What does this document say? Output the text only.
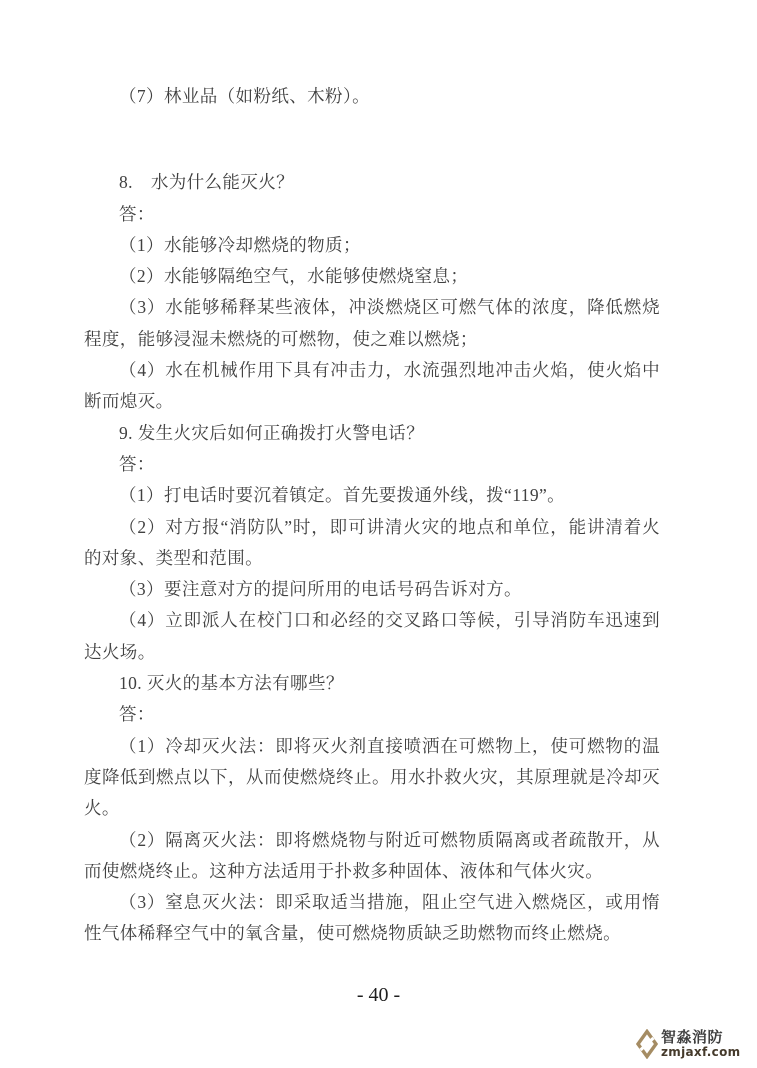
（7）林业品（如粉纸、木粉）。

8.　水为什么能灭火？

答：

（1）水能够冷却燃烧的物质；

（2）水能够隔绝空气，水能够使燃烧窒息；

（3）水能够稀释某些液体，冲淡燃烧区可燃气体的浓度，降低燃烧程度，能够浸湿未燃烧的可燃物，使之难以燃烧；

（4）水在机械作用下具有冲击力，水流强烈地冲击火焰，使火焰中断而熄灭。

9. 发生火灾后如何正确拨打火警电话？

答：

（1）打电话时要沉着镇定。首先要拨通外线，拨“119”。

（2）对方报“消防队”时，即可讲清火灾的地点和单位，能讲清着火的对象、类型和范围。

（3）要注意对方的提问所用的电话号码告诉对方。

（4）立即派人在校门口和必经的交叉路口等候，引导消防车迅速到达火场。

10. 灭火的基本方法有哪些？

答：

（1）冷却灭火法：即将灭火剂直接喷洒在可燃物上，使可燃物的温度降低到燃点以下，从而使燃烧终止。用水扑救火灾，其原理就是冷却灭火。

（2）隔离灭火法：即将燃烧物与附近可燃物质隔离或者疏散开，从而使燃烧终止。这种方法适用于扑救多种固体、液体和气体火灾。

（3）窒息灭火法：即采取适当措施，阻止空气进入燃烧区，或用惰性气体稀释空气中的氧含量，使可燃烧物质缺乏助燃物而终止燃烧。

- 40 -
智淼消防
zmjaxf.com
